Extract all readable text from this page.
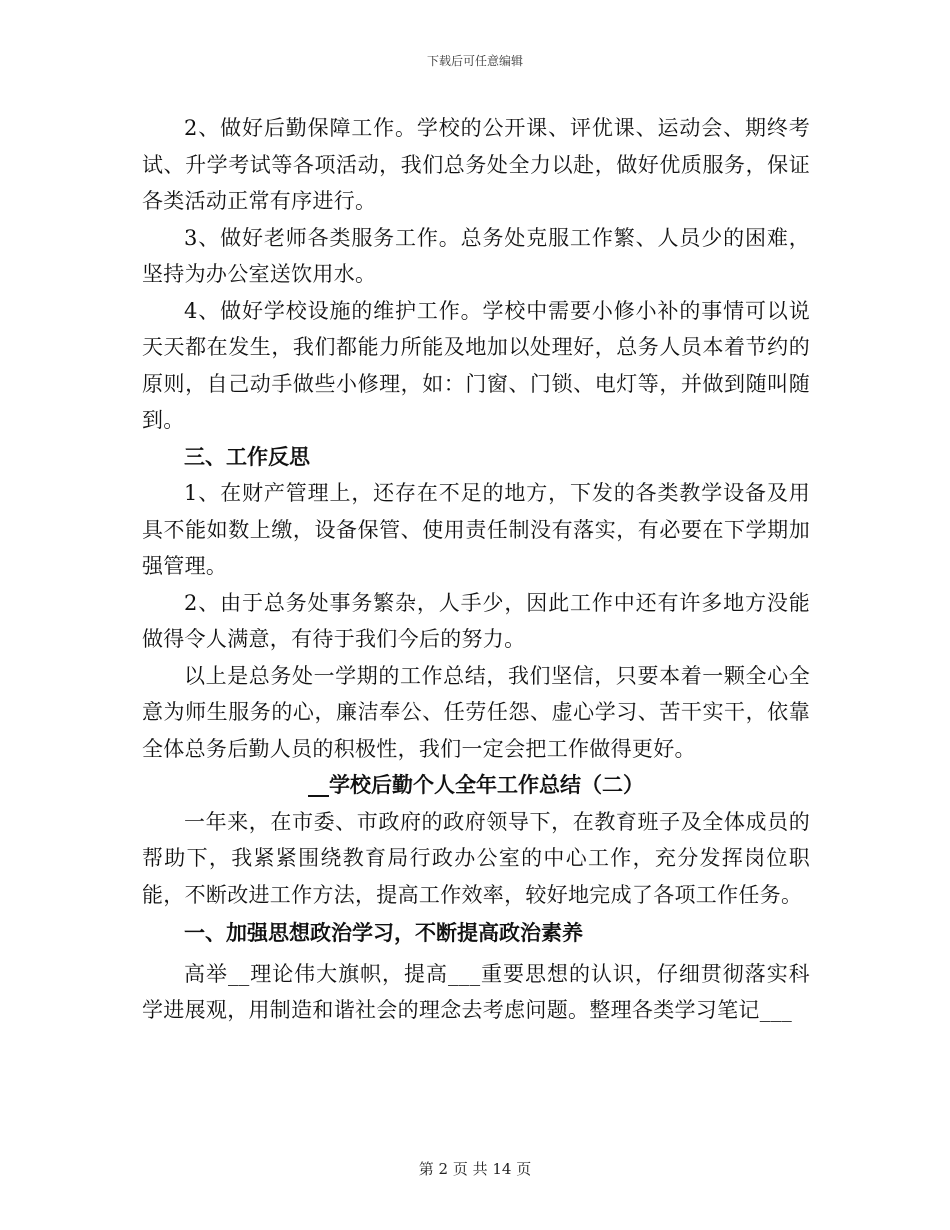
下载后可任意编辑

2、做好后勤保障工作。学校的公开课、评优课、运动会、期终考试、升学考试等各项活动，我们总务处全力以赴，做好优质服务，保证各类活动正常有序进行。

3、做好老师各类服务工作。总务处克服工作繁、人员少的困难，坚持为办公室送饮用水。

4、做好学校设施的维护工作。学校中需要小修小补的事情可以说天天都在发生，我们都能力所能及地加以处理好，总务人员本着节约的原则，自己动手做些小修理，如：门窗、门锁、电灯等，并做到随叫随到。

三、工作反思

1、在财产管理上，还存在不足的地方，下发的各类教学设备及用具不能如数上缴，设备保管、使用责任制没有落实，有必要在下学期加强管理。

2、由于总务处事务繁杂，人手少，因此工作中还有许多地方没能做得令人满意，有待于我们今后的努力。

以上是总务处一学期的工作总结，我们坚信，只要本着一颗全心全意为师生服务的心，廉洁奉公、任劳任怨、虚心学习、苦干实干，依靠全体总务后勤人员的积极性，我们一定会把工作做得更好。

__学校后勤个人全年工作总结（二）

一年来，在市委、市政府的政府领导下，在教育班子及全体成员的帮助下，我紧紧围绕教育局行政办公室的中心工作，充分发挥岗位职能，不断改进工作方法，提高工作效率，较好地完成了各项工作任务。

一、加强思想政治学习，不断提高政治素养

高举__理论伟大旗帜，提高___重要思想的认识，仔细贯彻落实科学进展观，用制造和谐社会的理念去考虑问题。整理各类学习笔记___

第 2 页 共 14 页
